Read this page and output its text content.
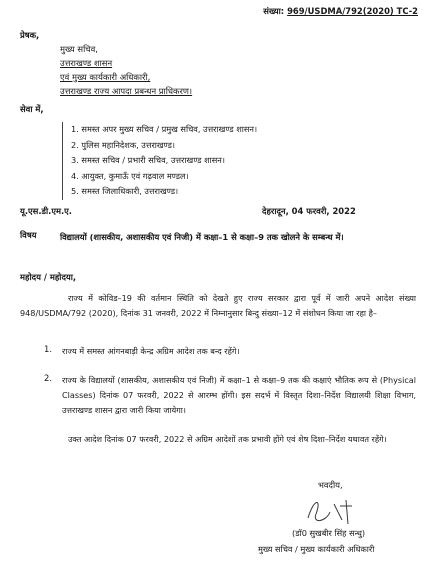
संख्या: 969/USDMA/792(2020) TC-2
प्रेषक,
मुख्य सचिव,
उत्तराखण्ड शासन
एवं मुख्य कार्यकारी अधिकारी,
उत्तराखण्ड राज्य आपदा प्रबन्धन प्राधिकरण।
सेवा में,
1. समस्त अपर मुख्य सचिव / प्रमुख सचिव, उत्तराखण्ड शासन।
2. पुलिस महानिदेशक, उत्तराखण्ड।
3. समस्त सचिव / प्रभारी सचिव, उत्तराखण्ड शासन।
4. आयुक्त, कुमाऊँ एवं गढ़वाल मण्डल।
5. समस्त जिलाधिकारी, उत्तराखण्ड।
यू.एस.डी.एम.ए.	देहरादून, 04 फरवरी, 2022
विषय	विद्यालयों (शासकीय, अशासकीय एवं निजी) में कक्षा–1 से कक्षा–9 तक खोलने के सम्बन्ध में।
महोदय / महोदया,
राज्य में कोविड–19 की वर्तमान स्थिति को देखते हुए राज्य सरकार द्वारा पूर्व में जारी अपने आदेश संख्या 948/USDMA/792 (2020), दिनांक 31 जनवरी, 2022 में निम्नानुसार बिन्दु संख्या–12 में संशोधन किया जा रहा है–
1. राज्य में समस्त आंगनबाड़ी केन्द्र अग्रिम आदेश तक बन्द रहेंगे।
2. राज्य के विद्यालयों (शासकीय, अशासकीय एवं निजी) में कक्षा–1 से कक्षा–9 तक की कक्षाएं भौतिक रूप से (Physical Classes) दिनांक 07 फरवरी, 2022 से आरम्भ होंगी। इस सदर्भ में विस्तृत दिशा–निर्देश विद्यालयी शिक्षा विभाग, उत्तराखण्ड शासन द्वारा जारी किया जायेगा।
उक्त आदेश दिनांक 07 फरवरी, 2022 से अग्रिम आदेशों तक प्रभावी होंगे एवं शेष दिशा–निर्देश यथावत रहेंगे।
भवदीय,
(डॉ0 सुखबीर सिंह सन्धु)
मुख्य सचिव / मुख्य कार्यकारी अधिकारी
